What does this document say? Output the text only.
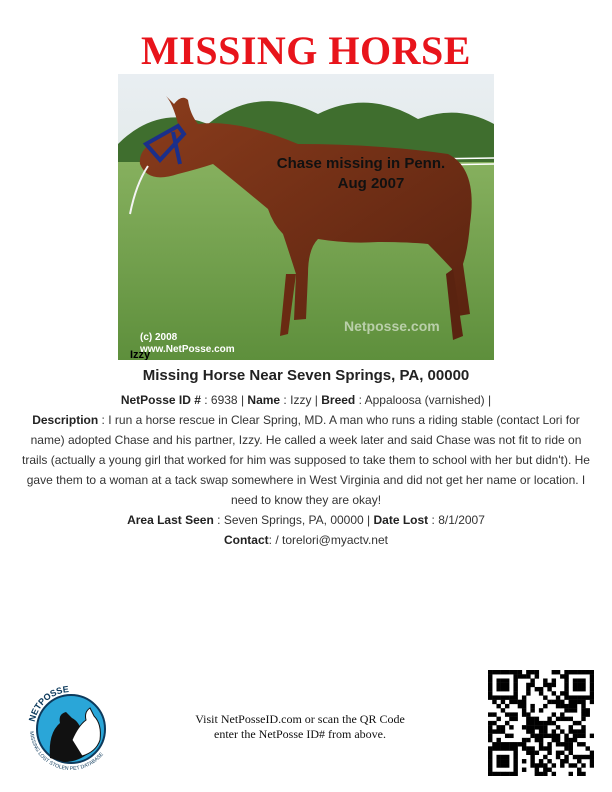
MISSING HORSE
Izzy
Chase missing in Penn.
Aug 2007
(c) 2008
www.NetPosse.com
Netposse.com
Missing Horse Near Seven Springs, PA, 00000
NetPosse ID # : 6938 | Name : Izzy | Breed : Appaloosa (varnished) |
Description : I run a horse rescue in Clear Spring, MD. A man who runs a riding stable (contact Lori for name) adopted Chase and his partner, Izzy. He called a week later and said Chase was not fit to ride on trails (actually a young girl that worked for him was supposed to take them to school with her but didn't). He gave them to a woman at a tack swap somewhere in West Virginia and did not get her name or location. I need to know they are okay!
Area Last Seen : Seven Springs, PA, 00000 | Date Lost : 8/1/2007
Contact: / torelori@myactv.net
NETPOSSE
MISSING LOST STOLEN PET DATABASE
Visit NetPosseID.com or scan the QR Code
enter the NetPosse ID# from above.
